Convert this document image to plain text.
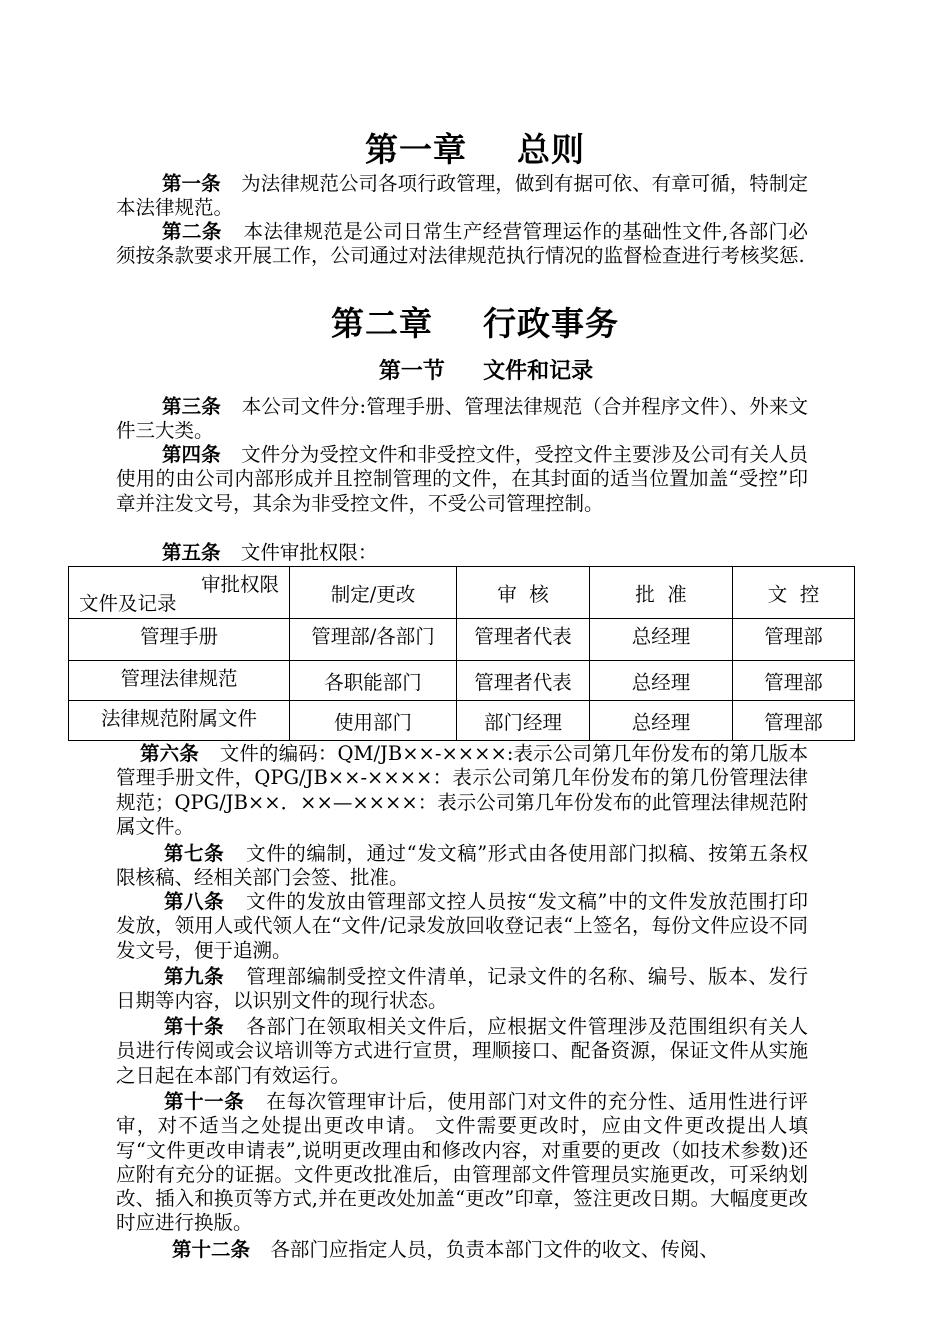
第一章    总则
第一条   为法律规范公司各项行政管理，做到有据可依、有章可循，特制定本法律规范。
第二条   本法律规范是公司日常生产经营管理运作的基础性文件,各部门必须按条款要求开展工作，公司通过对法律规范执行情况的监督检查进行考核奖惩.
第二章    行政事务
第一节     文件和记录
第三条   本公司文件分:管理手册、管理法律规范（合并程序文件）、外来文件三大类。
第四条   文件分为受控文件和非受控文件，受控文件主要涉及公司有关人员使用的由公司内部形成并且控制管理的文件，在其封面的适当位置加盖“受控”印章并注发文号，其余为非受控文件，不受公司管理控制。
第五条   文件审批权限：
审批权限
文件及记录	制定/更改	审  核	批  准	文  控
管理手册	管理部/各部门	管理者代表	总经理	管理部
管理法律规范	各职能部门	管理者代表	总经理	管理部
法律规范附属文件	使用部门	部门经理	总经理	管理部
第六条   文件的编码：QM/JB××-××××:表示公司第几年份发布的第几版本管理手册文件，QPG/JB××-××××：表示公司第几年份发布的第几份管理法律规范；QPG/JB××．××—××××：表示公司第几年份发布的此管理法律规范附属文件。
第七条   文件的编制，通过“发文稿”形式由各使用部门拟稿、按第五条权限核稿、经相关部门会签、批准。
第八条   文件的发放由管理部文控人员按“发文稿”中的文件发放范围打印发放，领用人或代领人在“文件/记录发放回收登记表“上签名，每份文件应设不同发文号，便于追溯。
第九条   管理部编制受控文件清单，记录文件的名称、编号、版本、发行日期等内容，以识别文件的现行状态。
第十条   各部门在领取相关文件后，应根据文件管理涉及范围组织有关人员进行传阅或会议培训等方式进行宣贯，理顺接口、配备资源，保证文件从实施之日起在本部门有效运行。
第十一条   在每次管理审计后，使用部门对文件的充分性、适用性进行评审，对不适当之处提出更改申请。 文件需要更改时，应由文件更改提出人填写“文件更改申请表”,说明更改理由和修改内容，对重要的更改（如技术参数)还应附有充分的证据。文件更改批准后，由管理部文件管理员实施更改，可采纳划改、插入和换页等方式,并在更改处加盖“更改”印章，签注更改日期。大幅度更改时应进行换版。
第十二条   各部门应指定人员，负责本部门文件的收文、传阅、
